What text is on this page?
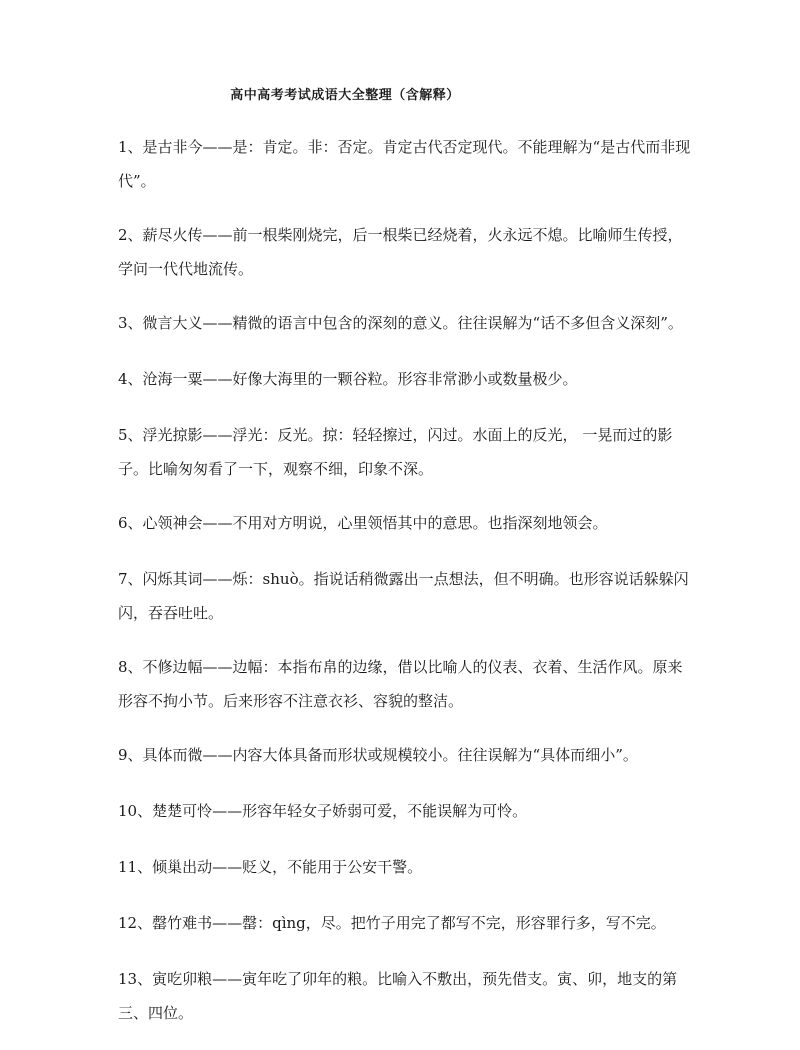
高中高考考试成语大全整理（含解释）
1、是古非今——是：肯定。非：否定。肯定古代否定现代。不能理解为“是古代而非现代”。
2、薪尽火传——前一根柴刚烧完，后一根柴已经烧着，火永远不熄。比喻师生传授，学问一代代地流传。
3、微言大义——精微的语言中包含的深刻的意义。往往误解为“话不多但含义深刻”。
4、沧海一粟——好像大海里的一颗谷粒。形容非常渺小或数量极少。
5、浮光掠影——浮光：反光。掠：轻轻擦过，闪过。水面上的反光， 一晃而过的影子。比喻匆匆看了一下，观察不细，印象不深。
6、心领神会——不用对方明说，心里领悟其中的意思。也指深刻地领会。
7、闪烁其词——烁：shuò。指说话稍微露出一点想法，但不明确。也形容说话躲躲闪闪，吞吞吐吐。
8、不修边幅——边幅：本指布帛的边缘，借以比喻人的仪表、衣着、生活作风。原来形容不拘小节。后来形容不注意衣衫、容貌的整洁。
9、具体而微——内容大体具备而形状或规模较小。往往误解为“具体而细小”。
10、楚楚可怜——形容年轻女子娇弱可爱，不能误解为可怜。
11、倾巢出动——贬义，不能用于公安干警。
12、罄竹难书——罄：qìng，尽。把竹子用完了都写不完，形容罪行多，写不完。
13、寅吃卯粮——寅年吃了卯年的粮。比喻入不敷出，预先借支。寅、卯，地支的第三、四位。
